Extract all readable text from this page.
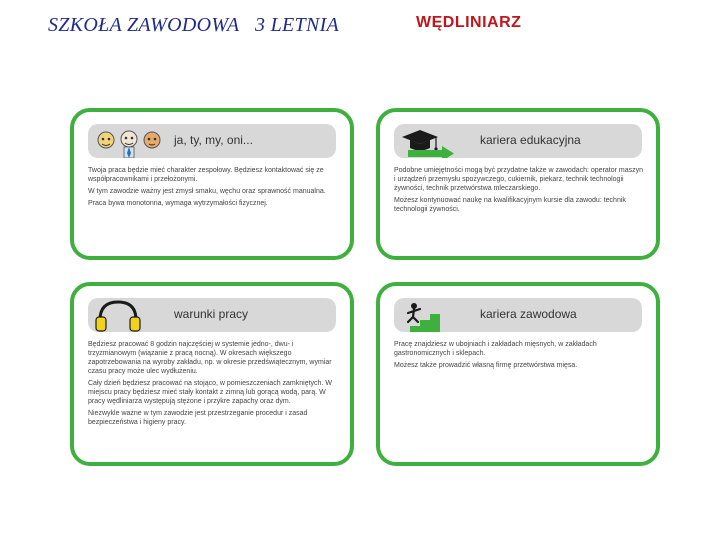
SZKOŁA ZAWODOWA   3 LETNIA	WĘDLINIARZ
ja, ty, my, oni...

Twoja praca będzie mieć charakter zespołowy. Będziesz kontaktować się ze współpracownikami i przełożonymi.

W tym zawodzie ważny jest zmysł smaku, węchu oraz sprawność manualna.

Praca bywa monotonna, wymaga wytrzymałości fizycznej.

kariera edukacyjna

Podobne umiejętności mogą być przydatne także w zawodach: operator maszyn i urządzeń przemysłu spożywczego, cukiernik, piekarz, technik technologii żywności, technik przetwórstwa mleczarskiego.

Możesz kontynuować naukę na kwalifikacyjnym kursie dla zawodu: technik technologii żywności.

warunki pracy

Będziesz pracować 8 godzin najczęściej w systemie jedno-, dwu- i trzyzmianowym (wiązanie z pracą nocną). W okresach większego zapotrzebowania na wyroby zakładu, np. w okresie przedświątecznym, wymiar czasu pracy może ulec wydłużeniu.

Cały dzień będziesz pracować na stojąco, w pomieszczeniach zamkniętych. W miejscu pracy będziesz mieć stały kontakt z zimną lub gorącą wodą, parą. W pracy wędliniarza występują stężone i przykre zapachy oraz dym.

Niezwykle ważne w tym zawodzie jest przestrzeganie procedur i zasad bezpieczeństwa i higieny pracy.

kariera zawodowa

Pracę znajdziesz w ubojniach i zakładach mięsnych, w zakładach gastronomicznych i sklepach.

Możesz także prowadzić własną firmę przetwórstwa mięsa.
